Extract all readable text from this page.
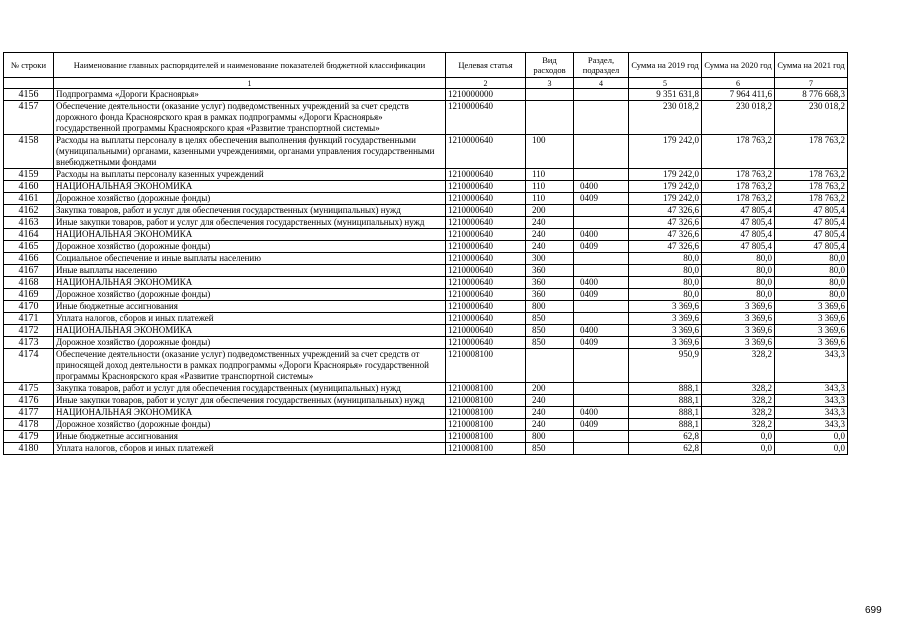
№ строки	Наименование главных распорядителей и наименование показателей бюджетной классификации	Целевая статья	Вид расходов	Раздел, подраздел	Сумма на 2019 год	Сумма на 2020 год	Сумма на 2021 год
	1	2	3	4	5	6	7
4156	Подпрограмма «Дороги Красноярья»	1210000000			9 351 631,8	7 964 411,6	8 776 668,3
4157	Обеспечение деятельности (оказание услуг) подведомственных учреждений за счет средств дорожного фонда Красноярского края в рамках подпрограммы «Дороги Красноярья» государственной программы Красноярского края «Развитие транспортной системы»	1210000640			230 018,2	230 018,2	230 018,2
4158	Расходы на выплаты персоналу в целях обеспечения выполнения функций государственными (муниципальными) органами, казенными учреждениями, органами управления государственными внебюджетными фондами	1210000640	100		179 242,0	178 763,2	178 763,2
4159	Расходы на выплаты персоналу казенных учреждений	1210000640	110		179 242,0	178 763,2	178 763,2
4160	НАЦИОНАЛЬНАЯ ЭКОНОМИКА	1210000640	110	0400	179 242,0	178 763,2	178 763,2
4161	Дорожное хозяйство (дорожные фонды)	1210000640	110	0409	179 242,0	178 763,2	178 763,2
4162	Закупка товаров, работ и услуг для обеспечения государственных (муниципальных) нужд	1210000640	200		47 326,6	47 805,4	47 805,4
4163	Иные закупки товаров, работ и услуг для обеспечения государственных (муниципальных) нужд	1210000640	240		47 326,6	47 805,4	47 805,4
4164	НАЦИОНАЛЬНАЯ ЭКОНОМИКА	1210000640	240	0400	47 326,6	47 805,4	47 805,4
4165	Дорожное хозяйство (дорожные фонды)	1210000640	240	0409	47 326,6	47 805,4	47 805,4
4166	Социальное обеспечение и иные выплаты населению	1210000640	300		80,0	80,0	80,0
4167	Иные выплаты населению	1210000640	360		80,0	80,0	80,0
4168	НАЦИОНАЛЬНАЯ ЭКОНОМИКА	1210000640	360	0400	80,0	80,0	80,0
4169	Дорожное хозяйство (дорожные фонды)	1210000640	360	0409	80,0	80,0	80,0
4170	Иные бюджетные ассигнования	1210000640	800		3 369,6	3 369,6	3 369,6
4171	Уплата налогов, сборов и иных платежей	1210000640	850		3 369,6	3 369,6	3 369,6
4172	НАЦИОНАЛЬНАЯ ЭКОНОМИКА	1210000640	850	0400	3 369,6	3 369,6	3 369,6
4173	Дорожное хозяйство (дорожные фонды)	1210000640	850	0409	3 369,6	3 369,6	3 369,6
4174	Обеспечение деятельности (оказание услуг) подведомственных учреждений за счет средств от приносящей доход деятельности в рамках подпрограммы «Дороги Красноярья» государственной программы Красноярского края «Развитие транспортной системы»	1210008100			950,9	328,2	343,3
4175	Закупка товаров, работ и услуг для обеспечения государственных (муниципальных) нужд	1210008100	200		888,1	328,2	343,3
4176	Иные закупки товаров, работ и услуг для обеспечения государственных (муниципальных) нужд	1210008100	240		888,1	328,2	343,3
4177	НАЦИОНАЛЬНАЯ ЭКОНОМИКА	1210008100	240	0400	888,1	328,2	343,3
4178	Дорожное хозяйство (дорожные фонды)	1210008100	240	0409	888,1	328,2	343,3
4179	Иные бюджетные ассигнования	1210008100	800		62,8	0,0	0,0
4180	Уплата налогов, сборов и иных платежей	1210008100	850		62,8	0,0	0,0
699
